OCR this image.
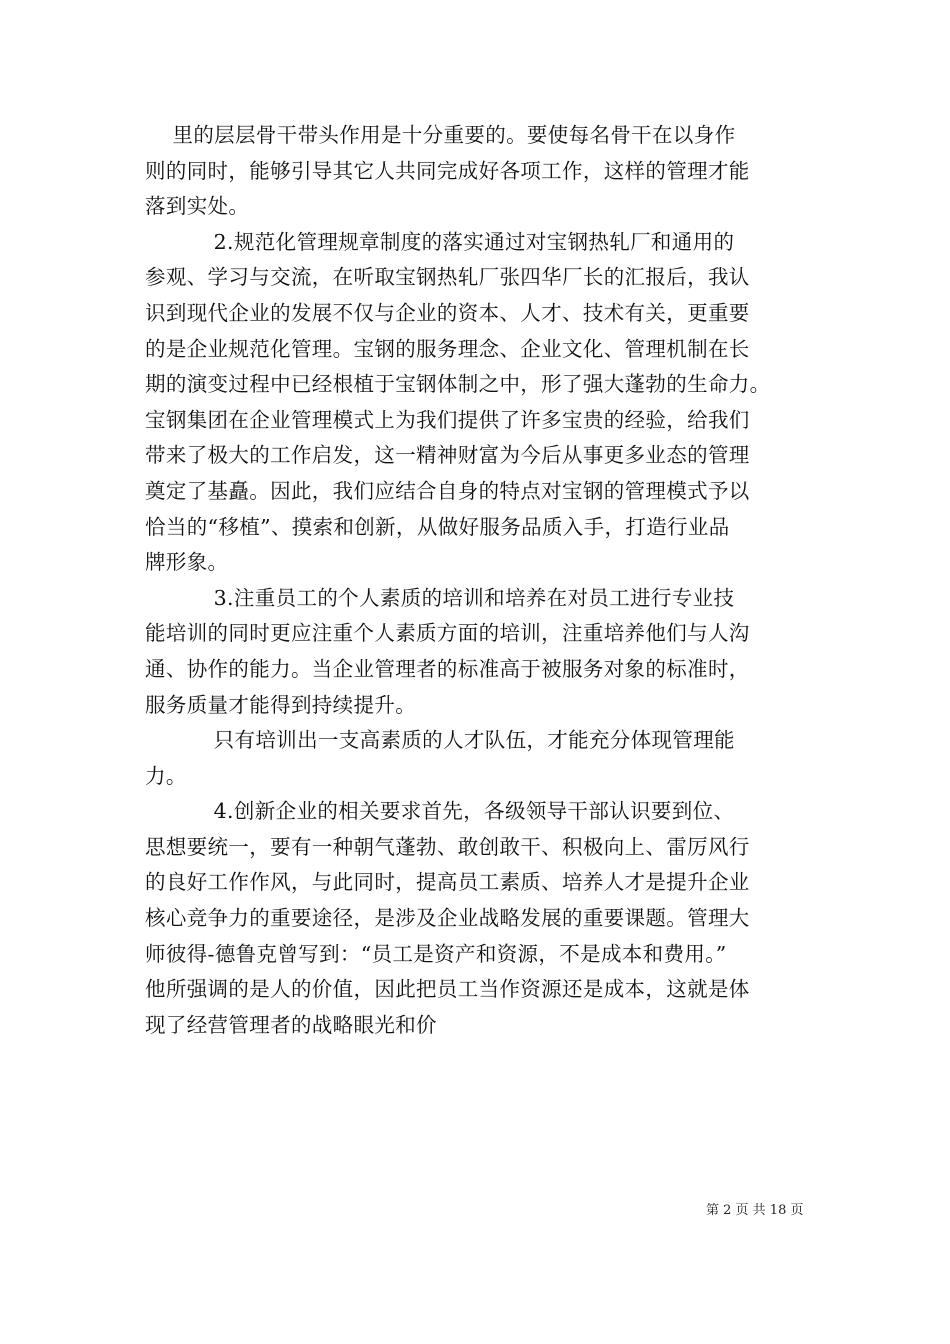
里的层层骨干带头作用是十分重要的。要使每名骨干在以身作
则的同时，能够引导其它人共同完成好各项工作，这样的管理才能
落到实处。
2.规范化管理规章制度的落实通过对宝钢热轧厂和通用的
参观、学习与交流，在听取宝钢热轧厂张四华厂长的汇报后，我认
识到现代企业的发展不仅与企业的资本、人才、技术有关，更重要
的是企业规范化管理。宝钢的服务理念、企业文化、管理机制在长
期的演变过程中已经根植于宝钢体制之中，形了强大蓬勃的生命力。
宝钢集团在企业管理模式上为我们提供了许多宝贵的经验，给我们
带来了极大的工作启发，这一精神财富为今后从事更多业态的管理
奠定了基矗。因此，我们应结合自身的特点对宝钢的管理模式予以
恰当的“移植”、摸索和创新，从做好服务品质入手，打造行业品
牌形象。
3.注重员工的个人素质的培训和培养在对员工进行专业技
能培训的同时更应注重个人素质方面的培训，注重培养他们与人沟
通、协作的能力。当企业管理者的标准高于被服务对象的标准时，
服务质量才能得到持续提升。
只有培训出一支高素质的人才队伍，才能充分体现管理能
力。
4.创新企业的相关要求首先，各级领导干部认识要到位、
思想要统一，要有一种朝气蓬勃、敢创敢干、积极向上、雷厉风行
的良好工作作风，与此同时，提高员工素质、培养人才是提升企业
核心竞争力的重要途径，是涉及企业战略发展的重要课题。管理大
师彼得-德鲁克曾写到：“员工是资产和资源，不是成本和费用。”
他所强调的是人的价值，因此把员工当作资源还是成本，这就是体
现了经营管理者的战略眼光和价
第 2 页 共 18 页
